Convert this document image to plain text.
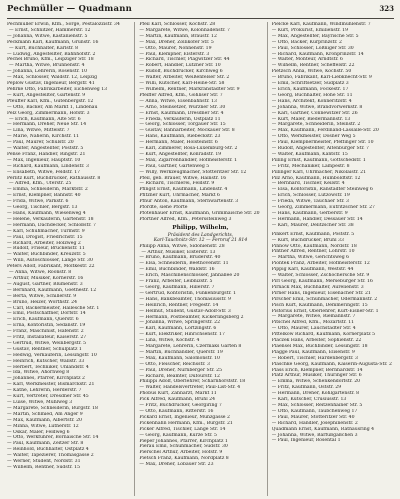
Pechmüller — Quadmann	323
Pechmüller Erwin, Kfm., Sorge, Pestalozzistr. 34
— Ernst, Schnitzer, Hammerstr. 12
— Johanna, Witwe, Kastanienstr. 5
Peckmann Karl, Kaufmann, Grünstr. 16
— Kurt, Buchhalter, Karlstr. 8
— Ludwig, Angestellter, Bahnhofstr. 2
Pechel Bruno, Kfm., Leipziger Str. 18
— Martha, Witwe, Brunnenstr. 4
— Johanna, Lehrerin, Rosenstr. 10
— Max, Schlosser, Waldstr. 12, Leipzig
Peplow Gustav, Ingenieur, Bergstr. 41
Pehrke Otto, Fabrikarbeiter, Eichenweg 13
— Kurt, Angestellter, Gartenstr. 9
Pfeuffer Karl, Kfm., Gutenbergstr. 12
— Otto, Bäcker, Am Markt 1, Lindenau
Pelz Georg, Zimmermann, Hofstr. 3
— Erich, Kaufmann, Alte Str. 6
— Hermann, Dreher, Neue Str. 14
— Lina, Witwe, Mittelstr. 7
— Marie, Näherin, Kirchstr. 11
— Paul, Maurer, Schulstr. 20
— Walter, Angestellter, Poststr. 5
Pense Franz, Händler, Ringstr. 21
— Max, Ingenieur, Hauptstr. 10
— Richard, Kaufmann, Lindenstr. 3
— Elisabeth, Witwe, Feldstr. 17
Perlitz Kurt, Buchdrucker, Rathausstr. 8
— Alfred, Kfm., Uferstr. 25
— Emma, Schneiderin, Marktstr. 2
— Ernst, Klempner, Bahnstr. 40
— Frida, Witwe, Parkstr. 6
— Georg, Tischler, Bergstr. 13
— Hans, Kaufmann, Wiesenweg 4
— Helene, Verkäuferin, Gartenstr. 18
— Hermann, Dachdecker, Schloßstr. 7
— Karl, Schuhmacher, Turmstr. 9
— Paul, Drogist, Friedrichstr. 15
— Richard, Arbeiter, Holzweg 2
— Rudolf, Friseur, Brückenstr. 11
— Walter, Buchbinder, Kreuzstr. 5
— Willi, Autoschlosser, Lange Str. 30
Peters Adolf, Fabrikant, Moltkestr. 22
— Anna, Witwe, Roonstr. 8
— Arthur, Musiker, Körnerstr. 16
— August, Gärtner, Blumenstr. 3
— Bernhard, Kaufmann, Goethestr. 12
— Berta, Witwe, Schillerstr. 9
— Bruno, Heizer, Wörthstr. 24
— Carl, Bäckermeister, Hallesche Str. 1
— Emil, Postschaffner, Dorfstr. 14
— Erich, Kaufmann, Querstr. 6
— Erna, Kontoristin, Sedanstr. 19
— Franz, Maschinist, Hafenstr. 2
— Fritz, Installateur, Kaiserstr. 27
— Gertrud, Witwe, Weinbergstr. 5
— Gustav, Rentner, Schulplatz 1
— Hedwig, Verkäuferin, Lessingstr. 10
— Heinrich, Kutscher, Wallstr. 33
— Herbert, Techniker, Uhlandstr. 4
— Ida, Witwe, Ahornweg 8
— Johannes, Pfarrer, Kirchplatz 2
— Karl, Werkmeister, Bismarckstr. 21
— Käthe, Lehrerin, Herderstr. 7
— Kurt, Vertreter, Dresdner Str. 45
— Luise, Witwe, Mühlweg 3
— Margarete, Schneiderin, Burgstr. 18
— Martin, Schmied, Am Anger 9
— Max, Kaufmann, Albertstr. 20
— Minna, Witwe, Lutherstr. 12
— Oskar, Maler, Feldweg 6
— Otto, Werkführer, Bornaische Str. 14
— Paul, Kaufmann, Zeitzer Str. 8
— Reinhold, Buchhalter, Ostplatz 4
— Walter, Tapezierer, Thomasgasse 2
— Werner, Student, Nordstr. 31
— Wilhelm, Rentner, Südstr. 15
Pfeil Karl, Schlosser, Kochstr. 28
— Margarete, Witwe, Kolonnadenstr. 7
— Martin, Kaufmann, Braustr. 12
— Max, Dreher, Zollikofer Str. 5
— Otto, Maurer, Nonnenstr. 19
— Paul, Klempner, Elsterstr. 3
— Richard, Tischler, Plagwitzer Str. 44
— Robert, Händler, Lützner Str. 10
— Rudolf, Buchdrucker, Kirchweg 6
— Walter, Arbeiter, Weißenfelser Str. 2
— Willi, Kutscher, Karl-Heine-Str. 58
— Wilhelm, Rentner, Markranstädter Str. 9
Pfeiffer Alfred, Kfm., Gohliser Str. 7
— Anna, Witwe, Eisenbahnstr. 13
— Arno, Steinsetzer, Wurzner Str. 30
— Ernst, Kaufmann, Dresdner Str. 4
— Frieda, Verkäuferin, Ostplatz 11
— Georg, Schlosser, Torgauer Str. 15
— Gustav, Bahnarbeiter, Mockauer Str. 8
— Hans, Kaufmann, Riebeckstr. 23
— Hermann, Maler, Holsteinstr. 6
— Karl, Zimmerer, Rosa-Luxemburg-Str. 2
— Kurt, Angestellter, Konradstr. 19
— Max, Zigarrenhändler, Hofmeisterstr. 1
— Paul, Gärtner, Gartenweg 5
— Willy, Werkzeugmacher, Stötteritzer Str. 12
Pfeil, geb. Bräuer, Witwe, Hainstr. 16
— Richard, Tischlerei, Feldstr. 9
Pfingst Ernst, Kaufmann, Lindenstr. 4
Pfitzner Kurt, Uhrmacher, Markt 6
Pfnür Anton, Kaufmann, Sternwartenstr. 3
Pfordte, siehe Pforte
Pfotenhauer Ernst, Kaufmann, Grimmaische Str. 20
Pförtner Alfred, Kfm., Peterssteinweg 3
Philipp, Wilhelm,
Präsident des Landgerichts,
Karl-Tauchnitz-Str. 12 — Fernruf 21 814
Philipp Anna, Witwe, Sidonienstr. 28
— Arthur, Musiker, Elsterstr. 13
— Bruno, Kaufmann, Brüderstr. 40
— Elsa, Schneiderin, Beethovenstr. 11
— Emil, Buchbinder, Waldstr. 16
— Erich, Maschinenschlosser, Jahnallee 20
— Franz, Arbeiter, Leibnizstr. 5
— Georg, Kaufmann, Hillerstr. 7
— Gertrud, Kontoristin, Funkenburgstr. 1
— Hans, Bankbeamter, Thomasiusstr. 9
— Heinrich, Rentner, Fregestr. 14
— Helmut, Student, Gustav-Adolf-Str. 3
— Hermann, Postbeamter, Kickerlingsberg 2
— Johanna, Witwe, Springerstr. 22
— Karl, Kaufmann, Lortzingstr. 6
— Kurt, Elektriker, Hinrichsenstr. 17
— Lina, Witwe, Kochstr. 4
— Margarete, Lehrerin, Czermaks Garten 8
— Martin, Buchhändler, Querstr. 19
— Max, Kaufmann, Salomonstr. 10
— Otto, Fleischer, Reichsstr. 3
— Paul, Dreher, Nürnberger Str. 25
— Richard, Beamter, Dufourstr. 12
Philippi Adolf, Oberlehrer, Scharnhorststr. 18
— Walter, Handelsvertreter, Paul-List-Str. 4
Phöbus Kurt, Zahnarzt, Markt 11
Pick Alfred, Kaufmann, Brühl 24
— Fritz, Buchdrucker, Georgiring 7
— Otto, Kaufmann, Ritterstr. 16
Pickard Ernst, Ingenieur, Münzgasse 2
Pickenhahn Hermann, Kfm., Burgstr. 21
Picker Alfred, Tischler, Lange Str. 14
— Georg, Kaufmann, Kurze Str. 5
Pieper Johannes, Pfarrer, Kirchplatz 1
Pierau Emil, Schuhmacher, Südstr. 30
Pierschel Arthur, Arbeiter, Hofstr. 9
Pietsch Franz, Kaufmann, Nordplatz 8
— Max, Dreher, Löbauer Str. 23
Pielcke Karl, Kaufmann, Windmühlenstr. 7
— Kurt, Prokurist, Emilienstr. 19
— Max, Angestellter, Bayrische Str. 5
— Otto, Bäcker, Kurprinzstr. 2
— Paul, Schlosser, Lößniger Str. 30
— Richard, Kaufmann, Kronprinzstr. 14
— Walter, Monteur, Arndtstr. 6
— Wilhelm, Rentner, Scheffelstr. 22
Pietzsch Anna, Witwe, Kochstr. 50
— Bruno, Fabrikant, Karl-Liebknecht-Str. 9
— Emil, Schriftsetzer, Südplatz 3
— Erich, Kaufmann, Fockestr. 17
— Georg, Buchhalter, Hohe Str. 11
— Hans, Architekt, Könneritzstr. 4
— Johanna, Witwe, Brandvorwerkstr. 8
— Karl, Gärtner, Connewitzer Str. 26
— Kurt, Maler, Biedermannstr. 13
— Margarete, Schneiderin, Steinstr. 2
— Max, Kaufmann, Ferdinand-Lassalle-Str. 20
— Otto, Werkmeister, Dösner Weg 5
— Paul, Klempnermeister, Pfeffinger Str. 10
— Rudolf, Angestellter, Altenburger Str. 7
— Walter, Kaufmann, Kantstr. 15
Pilling Ernst, Kaufmann, Gottschedstr. 1
— Fritz, Mechaniker, Lampestr. 8
Pillinger Karl, Uhrmacher, Nikolaistr. 21
Pilz Arno, Kaufmann, Humboldtstr. 12
— Bernhard, Tischler, Keilstr. 4
— Elsa, Kontoristin, Ranstädter Steinweg 6
— Erich, Schlosser, Lützowstr. 19
— Frieda, Witwe, Tauchaer Str. 3
— Georg, Zimmermann, Eutritzscher Str. 27
— Hans, Kaufmann, Gerberstr. 9
— Hermann, Händler, Dessauer Str. 14
— Karl, Maurer, Delitzscher Str. 38
Pinkert Ernst, Kaufmann, Poststr. 5
— Kurt, Buchdrucker, Brühl 33
Pinnow Otto, Kaufmann, Nordstr. 18
Pinther Alfred, Rentner, Löhrstr. 10
— Martha, Witwe, Gerichtsweg 6
Piontek Franz, Arbeiter, Hofmeisterstr. 12
Pippig Karl, Kaufmann, Weststr. 44
— Walter, Schlosser, Zschochersche Str. 9
Pirl Georg, Kaufmann, Merseburger Str. 16
Pirnack Max, Buchhalter, Aurelienstr. 3
Pirner Hans, Ingenieur, Eisenacher Str. 21
Pirscher Emil, Schuhmacher, Odermannstr. 2
Pisch Kurt, Kaufmann, Demmeringstr. 15
Pistorius Ernst, Oberlehrer, Kurt-Eisner-Str. 1
— Margarete, Witwe, Riemannstr. 7
Pitschel Alfred, Kfm., Mozartstr. 11
— Otto, Maurer, Lauchstädter Str. 4
Pittelkow Richard, Kaufmann, Körnerplatz 5
Placzek Hans, Arbeiter, Sophienstr. 22
Plaensel Max, Buchbinder, Lessingstr. 18
Plagge Paul, Kaufmann, Elisenstr. 9
— Robert, Tischler, Hardenbergstr. 3
Plaschke Georg, Kaufmann, Kaiserin-Augusta-Str. 2
Plass Erich, Klempner, Bernhardstr. 14
Platz Arthur, Musiker, Thüringer Str. 6
— Emma, Witwe, Schenkendorfstr. 20
— Fritz, Kaufmann, Oststr. 29
— Hermann, Dreher, Kohlgartenstr. 8
— Karl, Kutscher, Crusiusstr. 13
— Max, Schlosser, Reitzenhainer Str. 5
— Otto, Kaufmann, Täubchenweg 17
— Paul, Maurer, Stötteritzer Str. 40
— Richard, Händler, Josephinenstr. 2
Quadmann Ernst, Kaufmann, Rathausring 4
— Johanna, Witwe, Barfußgäßchen 3
— Paul, Ingenieur, Rosental 1
